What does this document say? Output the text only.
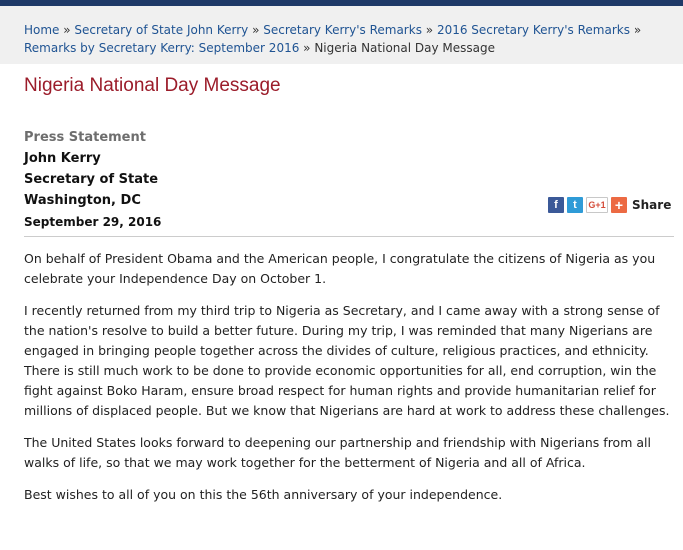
Home » Secretary of State John Kerry » Secretary Kerry's Remarks » 2016 Secretary Kerry's Remarks » Remarks by Secretary Kerry: September 2016 » Nigeria National Day Message
Nigeria National Day Message
Press Statement
John Kerry
Secretary of State
Washington, DC
September 29, 2016
f	t	G+1 + Share

On behalf of President Obama and the American people, I congratulate the citizens of Nigeria as you celebrate your Independence Day on October 1.

I recently returned from my third trip to Nigeria as Secretary, and I came away with a strong sense of the nation's resolve to build a better future. During my trip, I was reminded that many Nigerians are engaged in bringing people together across the divides of culture, religious practices, and ethnicity. There is still much work to be done to provide economic opportunities for all, end corruption, win the fight against Boko Haram, ensure broad respect for human rights and provide humanitarian relief for millions of displaced people. But we know that Nigerians are hard at work to address these challenges.

The United States looks forward to deepening our partnership and friendship with Nigerians from all walks of life, so that we may work together for the betterment of Nigeria and all of Africa.

Best wishes to all of you on this the 56th anniversary of your independence.
